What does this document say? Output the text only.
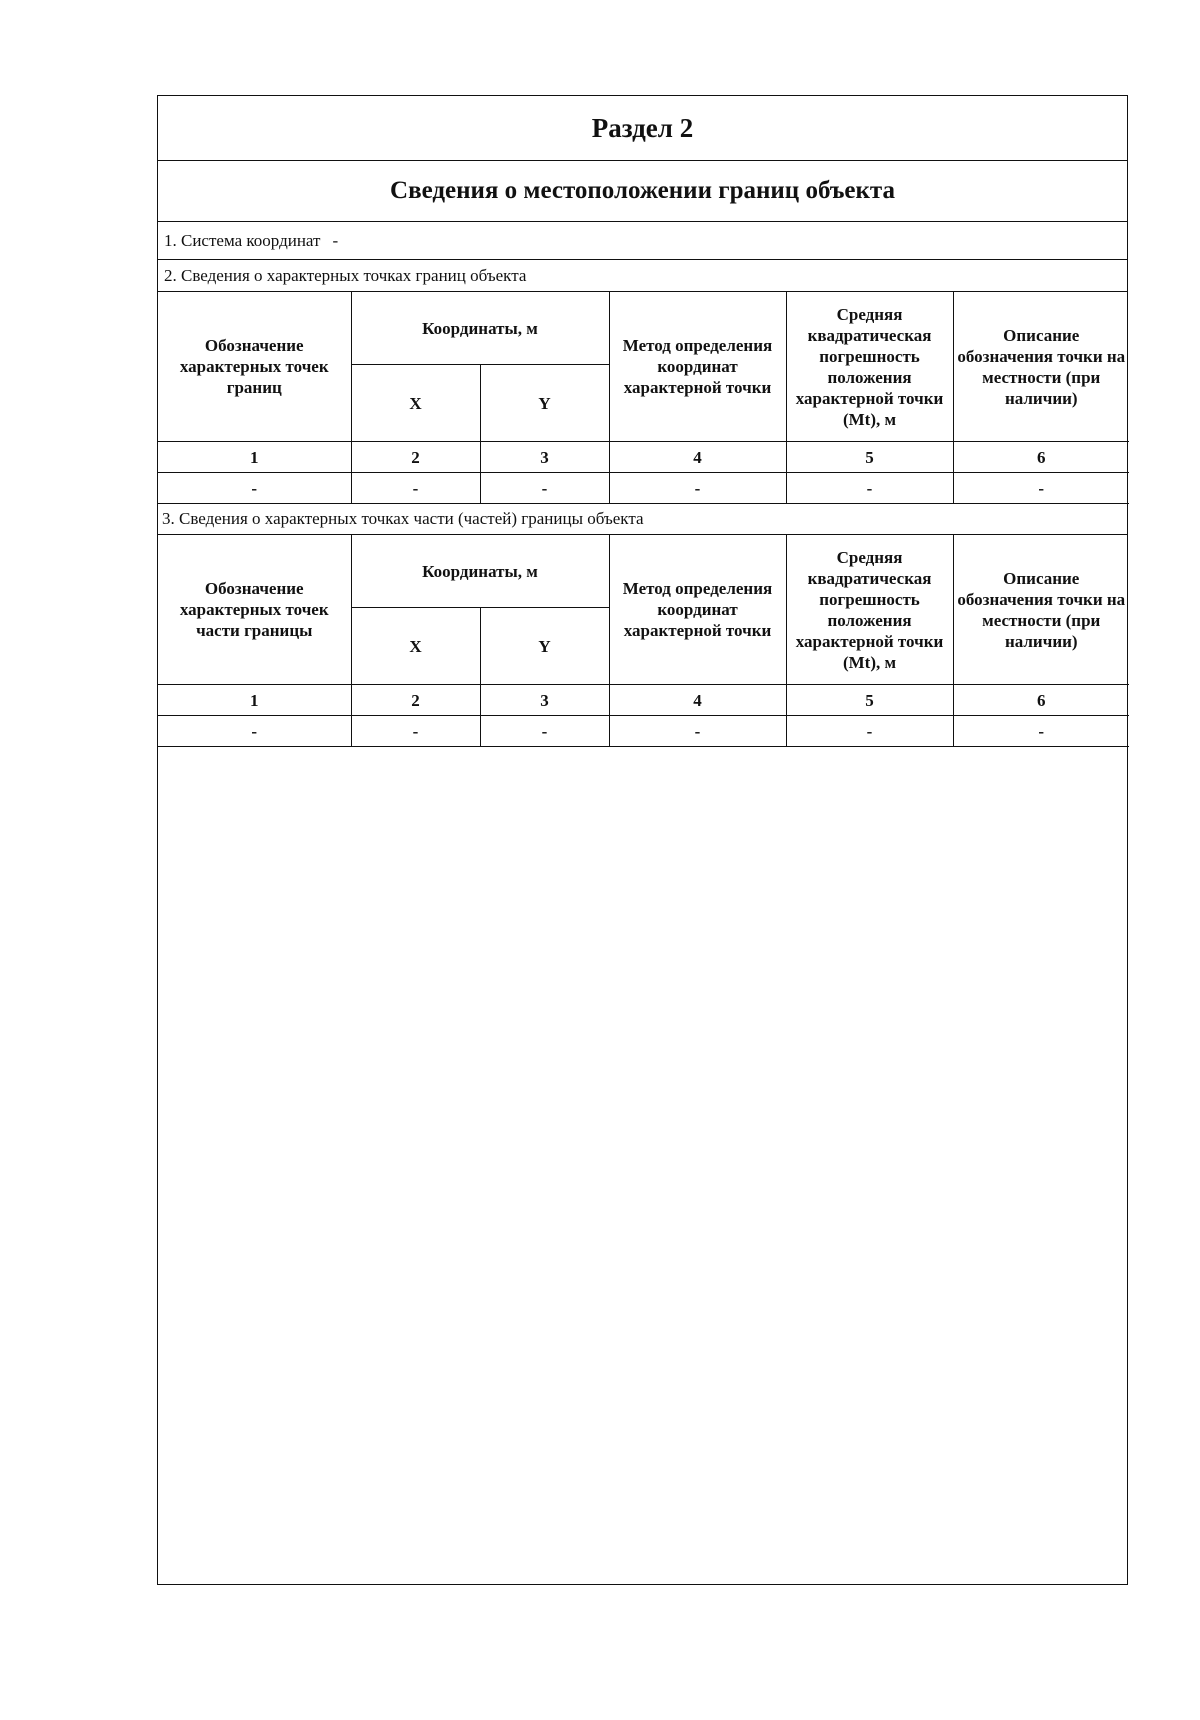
Раздел 2
Сведения о местоположении границ объекта
1. Система координат -
2. Сведения о характерных точках границ объекта
Обозначение характерных точек границ	Координаты, м		Метод определения координат характерной точки	Средняя квадратическая погрешность положения характерной точки (Mt), м	Описание обозначения точки на местности (при наличии)
	X	Y			
1	2	3	4	5	6
-	-	-	-	-	-
3. Сведения о характерных точках части (частей) границы объекта
Обозначение характерных точек части границы	Координаты, м		Метод определения координат характерной точки	Средняя квадратическая погрешность положения характерной точки (Mt), м	Описание обозначения точки на местности (при наличии)
	X	Y			
1	2	3	4	5	6
-	-	-	-	-	-
